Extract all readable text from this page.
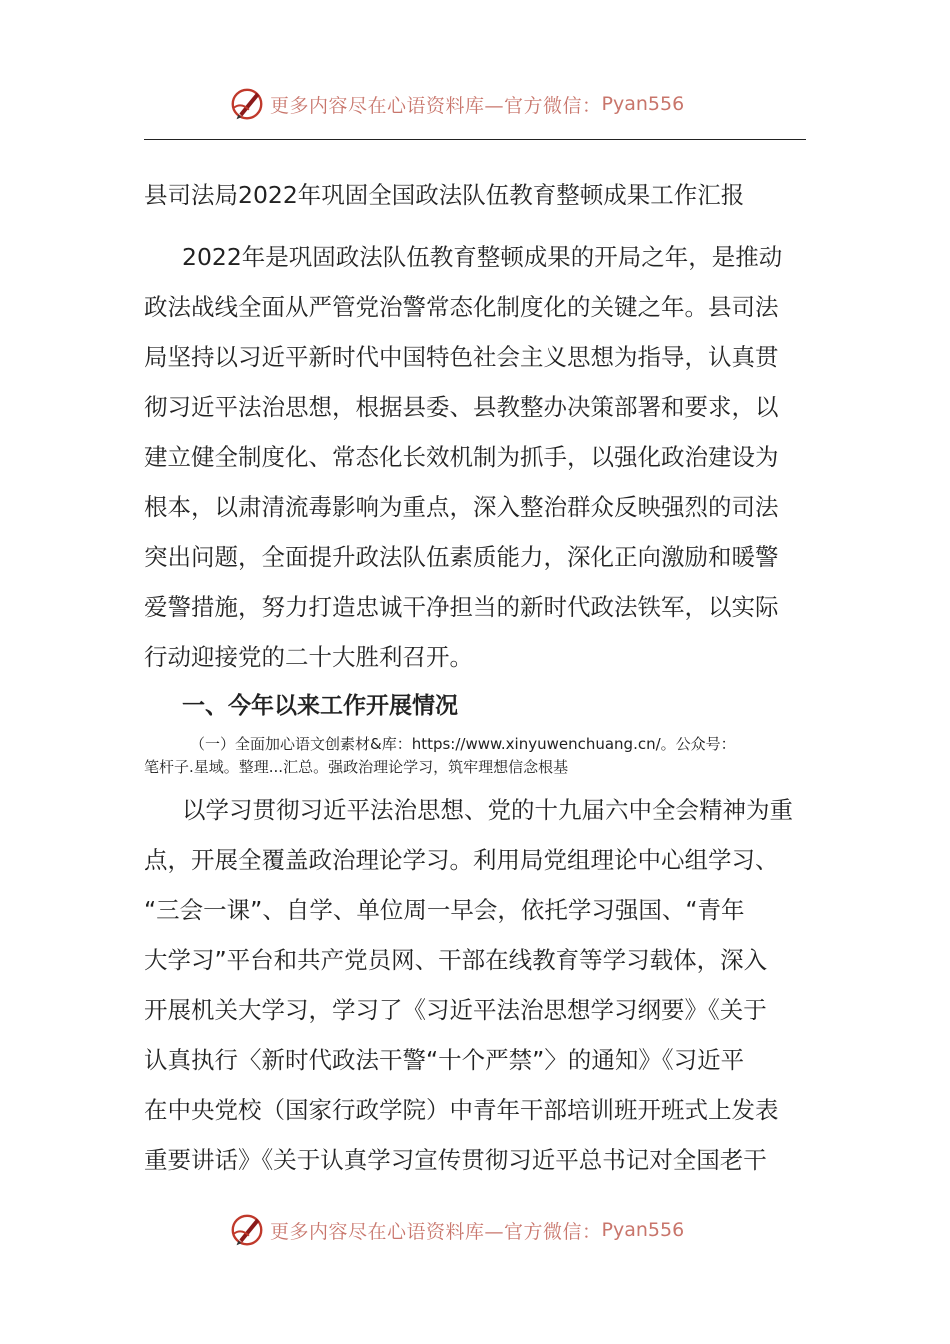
更多内容尽在心语资料库—官方微信： Pyan556
县司法局2022年巩固全国政法队伍教育整顿成果工作汇报
2022年是巩固政法队伍教育整顿成果的开局之年，是推动
政法战线全面从严管党治警常态化制度化的关键之年。县司法
局坚持以习近平新时代中国特色社会主义思想为指导，认真贯
彻习近平法治思想，根据县委、县教整办决策部署和要求，以
建立健全制度化、常态化长效机制为抓手，以强化政治建设为
根本，以肃清流毒影响为重点，深入整治群众反映强烈的司法
突出问题，全面提升政法队伍素质能力，深化正向激励和暖警
爱警措施，努力打造忠诚干净担当的新时代政法铁军，以实际
行动迎接党的二十大胜利召开。
一、今年以来工作开展情况
（一）全面加心语文创素材&库：https://www.xinyuwenchuang.cn/。公众号：
笔杆子.星域。整理...汇总。强政治理论学习，筑牢理想信念根基
以学习贯彻习近平法治思想、党的十九届六中全会精神为重
点，开展全覆盖政治理论学习。利用局党组理论中心组学习、
“三会一课”、自学、单位周一早会，依托学习强国、“青年
大学习”平台和共产党员网、干部在线教育等学习载体，深入
开展机关大学习，学习了《习近平法治思想学习纲要》《关于
认真执行〈新时代政法干警“十个严禁”〉的通知》《习近平
在中央党校（国家行政学院）中青年干部培训班开班式上发表
重要讲话》《关于认真学习宣传贯彻习近平总书记对全国老干
更多内容尽在心语资料库—官方微信： Pyan556
